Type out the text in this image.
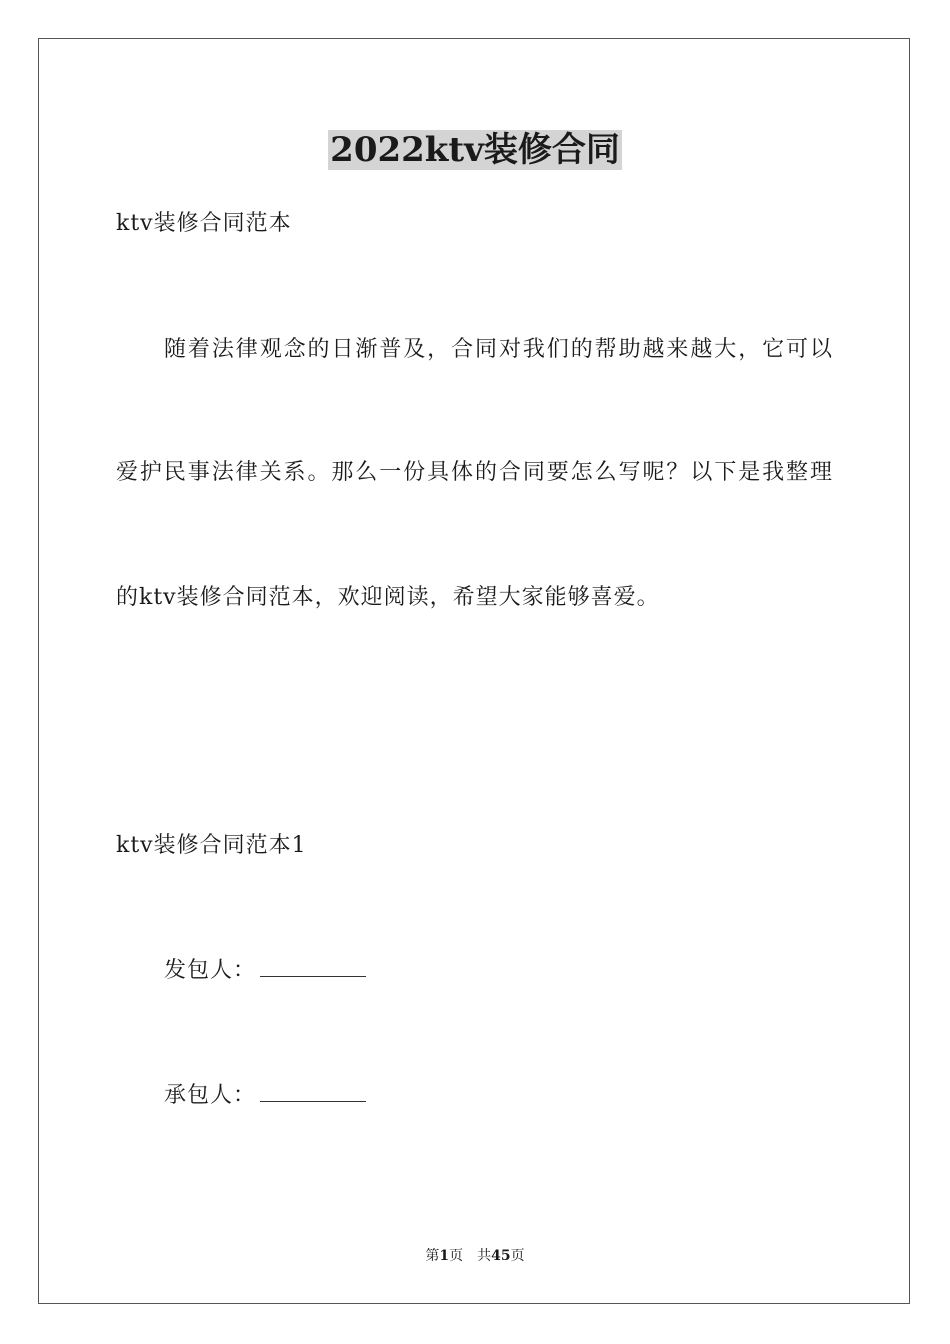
2022ktv装修合同
ktv装修合同范本
随着法律观念的日渐普及，合同对我们的帮助越来越大，它可以
爱护民事法律关系。那么一份具体的合同要怎么写呢？以下是我整理
的ktv装修合同范本，欢迎阅读，希望大家能够喜爱。
ktv装修合同范本1
发包人：
承包人：
第1页　共45页
